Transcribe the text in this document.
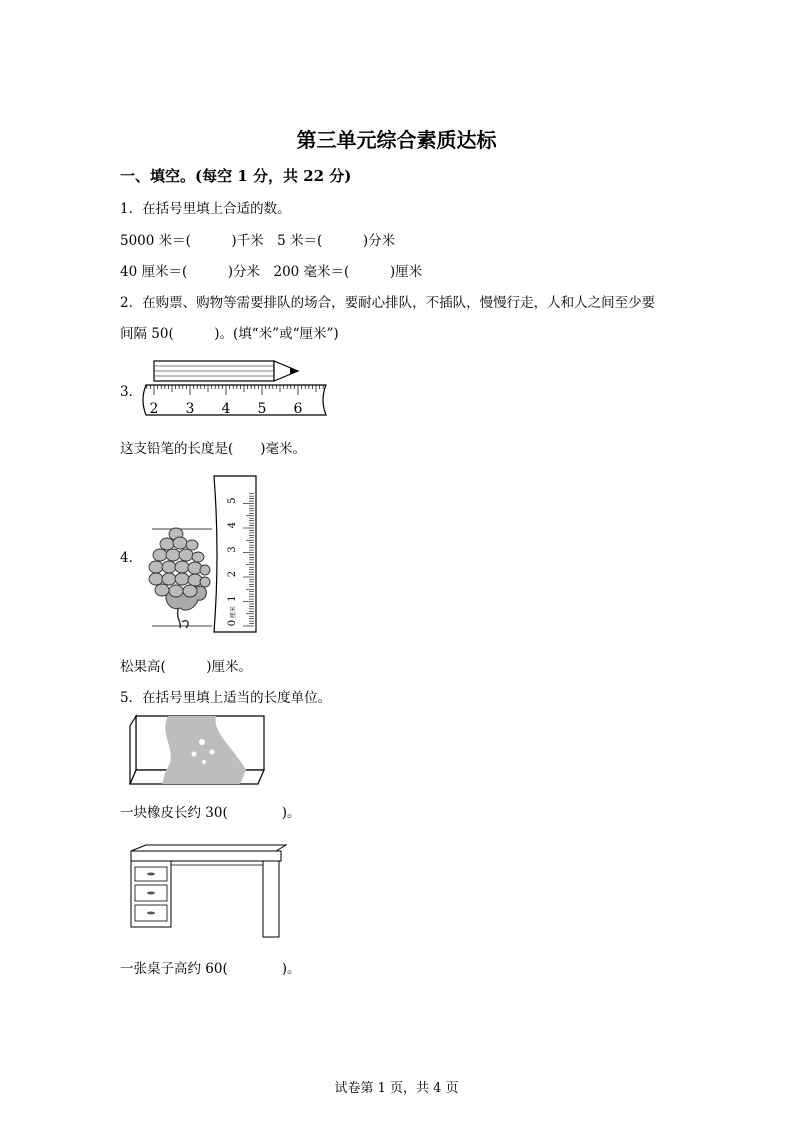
第三单元综合素质达标
一、填空。(每空 1 分，共 22 分)
1．在括号里填上合适的数。
5000 米＝(　　　)千米　5 米＝(　　　)分米
40 厘米＝(　　　)分米　200 毫米＝(　　　)厘米
2．在购票、购物等需要排队的场合，要耐心排队，不插队，慢慢行走，人和人之间至少要
间隔 50(　　　)。(填“米”或“厘米”)
3．
2 3 4 5 6
这支铅笔的长度是(　　)毫米。
4．
0
1
2
3
4
5
厘米
松果高(　　　)厘米。
5．在括号里填上适当的长度单位。
一块橡皮长约 30(　　　　)。
一张桌子高约 60(　　　　)。
试卷第 1 页，共 4 页
